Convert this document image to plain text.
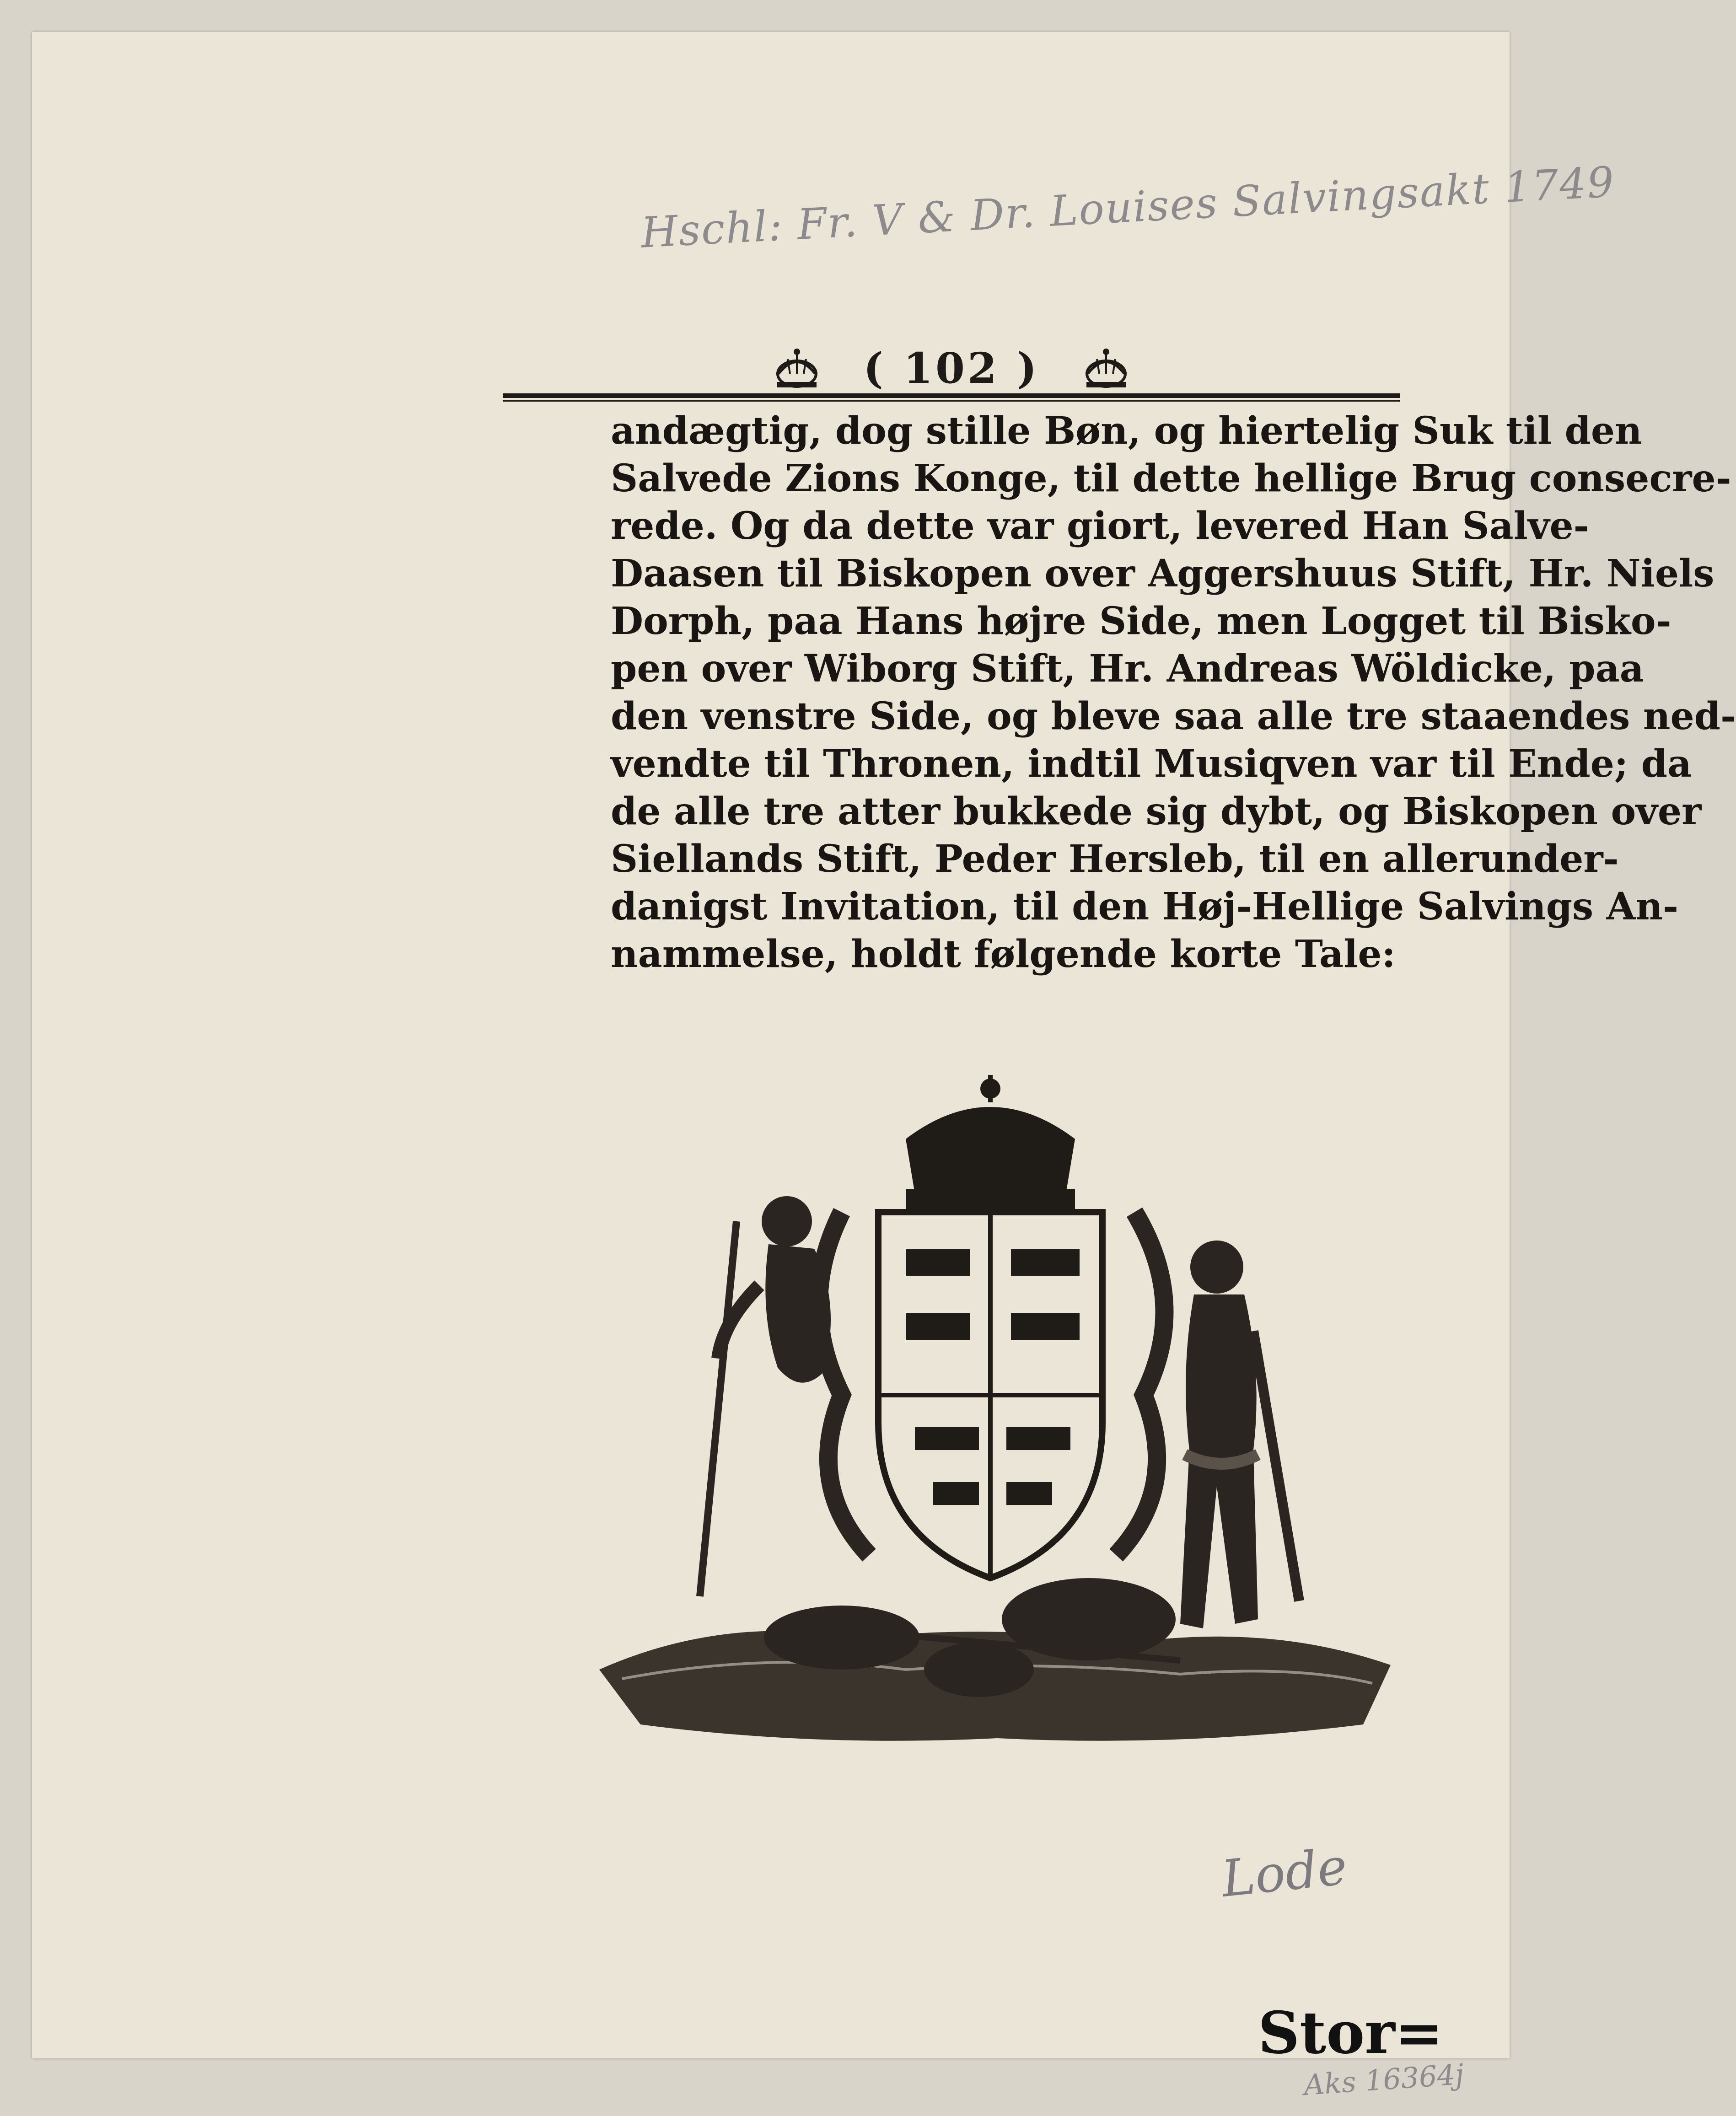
Hschl: Fr. V & Dr. Louises Salvingsakt 1749
( 102 )
andægtig, dog stille Bøn, og hiertelig Suk til den
Salvede Zions Konge, til dette hellige Brug consecre-
rede. Og da dette var giort, levered Han Salve-
Daasen til Biskopen over Aggershuus Stift, Hr. Niels
Dorph, paa Hans højre Side, men Logget til Bisko-
pen over Wiborg Stift, Hr. Andreas Wöldicke, paa
den venstre Side, og bleve saa alle tre staaendes ned-
vendte til Thronen, indtil Musiqven var til Ende; da
de alle tre atter bukkede sig dybt, og Biskopen over
Siellands Stift, Peder Hersleb, til en allerunder-
danigst Invitation, til den Høj-Hellige Salvings An-
nammelse, holdt følgende korte Tale:
Lode
Stor=
Aks 16364j
